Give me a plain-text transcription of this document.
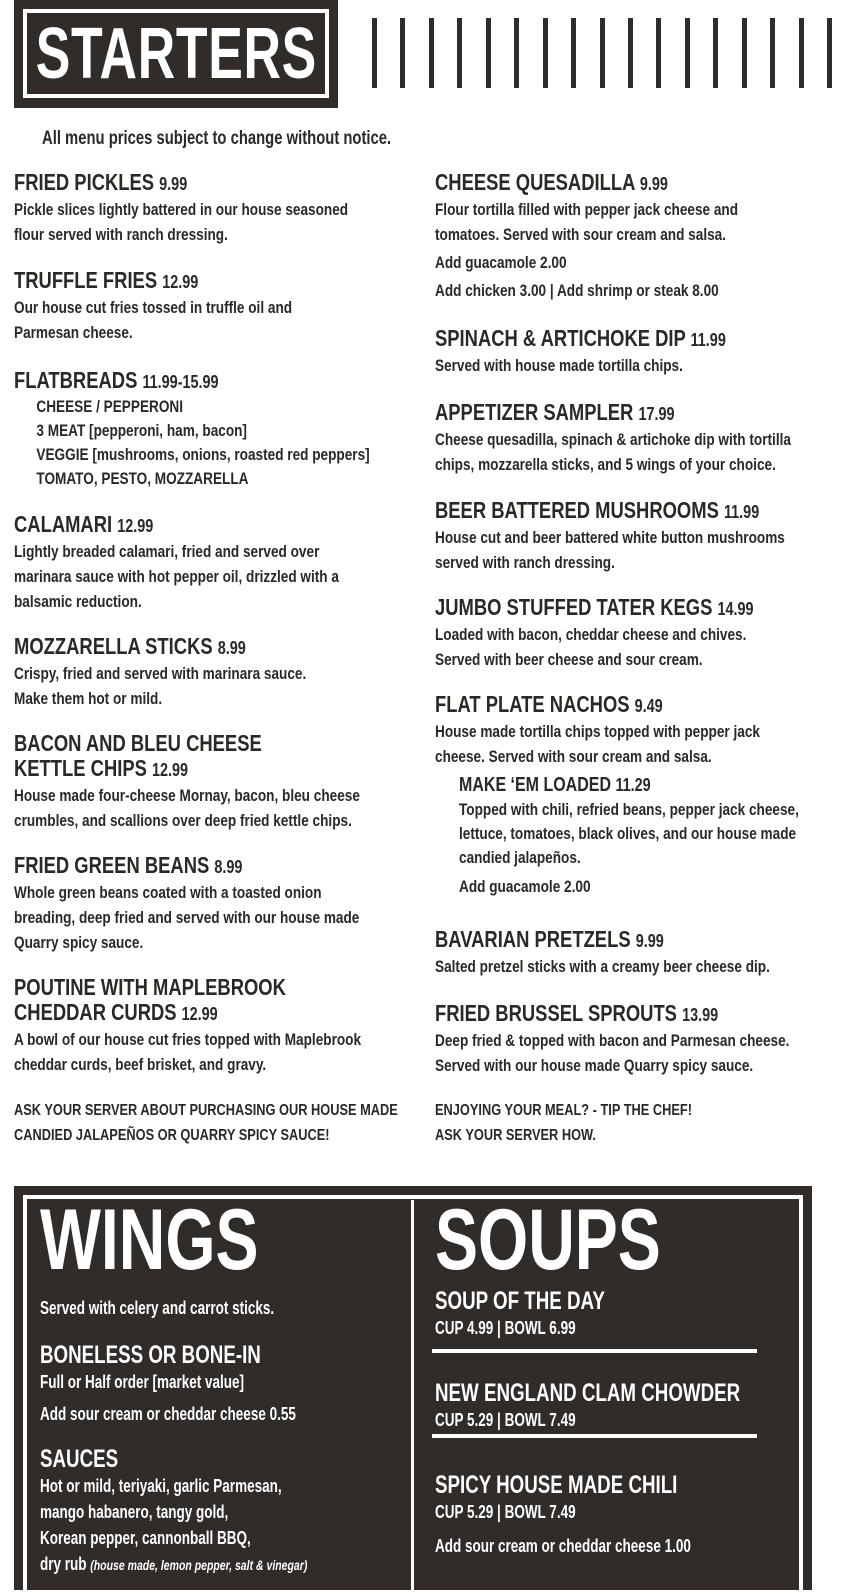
STARTERS
All menu prices subject to change without notice.
FRIED PICKLES 9.99
Pickle slices lightly battered in our house seasoned
flour served with ranch dressing.
TRUFFLE FRIES 12.99
Our house cut fries tossed in truffle oil and
Parmesan cheese.
FLATBREADS 11.99-15.99
CHEESE / PEPPERONI
3 MEAT [pepperoni, ham, bacon]
VEGGIE [mushrooms, onions, roasted red peppers]
TOMATO, PESTO, MOZZARELLA
CALAMARI 12.99
Lightly breaded calamari, fried and served over
marinara sauce with hot pepper oil, drizzled with a
balsamic reduction.
MOZZARELLA STICKS 8.99
Crispy, fried and served with marinara sauce.
Make them hot or mild.
BACON AND BLEU CHEESE
KETTLE CHIPS 12.99
House made four-cheese Mornay, bacon, bleu cheese
crumbles, and scallions over deep fried kettle chips.
FRIED GREEN BEANS 8.99
Whole green beans coated with a toasted onion
breading, deep fried and served with our house made
Quarry spicy sauce.
POUTINE WITH MAPLEBROOK
CHEDDAR CURDS 12.99
A bowl of our house cut fries topped with Maplebrook
cheddar curds, beef brisket, and gravy.
ASK YOUR SERVER ABOUT PURCHASING OUR HOUSE MADE
CANDIED JALAPEÑOS OR QUARRY SPICY SAUCE!
CHEESE QUESADILLA 9.99
Flour tortilla filled with pepper jack cheese and
tomatoes. Served with sour cream and salsa.
Add guacamole 2.00
Add chicken 3.00 | Add shrimp or steak 8.00
SPINACH & ARTICHOKE DIP 11.99
Served with house made tortilla chips.
APPETIZER SAMPLER 17.99
Cheese quesadilla, spinach & artichoke dip with tortilla
chips, mozzarella sticks, and 5 wings of your choice.
BEER BATTERED MUSHROOMS 11.99
House cut and beer battered white button mushrooms
served with ranch dressing.
JUMBO STUFFED TATER KEGS 14.99
Loaded with bacon, cheddar cheese and chives.
Served with beer cheese and sour cream.
FLAT PLATE NACHOS 9.49
House made tortilla chips topped with pepper jack
cheese. Served with sour cream and salsa.
MAKE ‘EM LOADED 11.29
Topped with chili, refried beans, pepper jack cheese,
lettuce, tomatoes, black olives, and our house made
candied jalapeños.
Add guacamole 2.00
BAVARIAN PRETZELS 9.99
Salted pretzel sticks with a creamy beer cheese dip.
FRIED BRUSSEL SPROUTS 13.99
Deep fried & topped with bacon and Parmesan cheese.
Served with our house made Quarry spicy sauce.
ENJOYING YOUR MEAL? - TIP THE CHEF!
ASK YOUR SERVER HOW.
WINGS
Served with celery and carrot sticks.
BONELESS OR BONE-IN
Full or Half order [market value]
Add sour cream or cheddar cheese 0.55
SAUCES
Hot or mild, teriyaki, garlic Parmesan,
mango habanero, tangy gold,
Korean pepper, cannonball BBQ,
dry rub (house made, lemon pepper, salt & vinegar)
SOUPS
SOUP OF THE DAY
CUP 4.99 | BOWL 6.99
NEW ENGLAND CLAM CHOWDER
CUP 5.29 | BOWL 7.49
SPICY HOUSE MADE CHILI
CUP 5.29 | BOWL 7.49
Add sour cream or cheddar cheese 1.00
